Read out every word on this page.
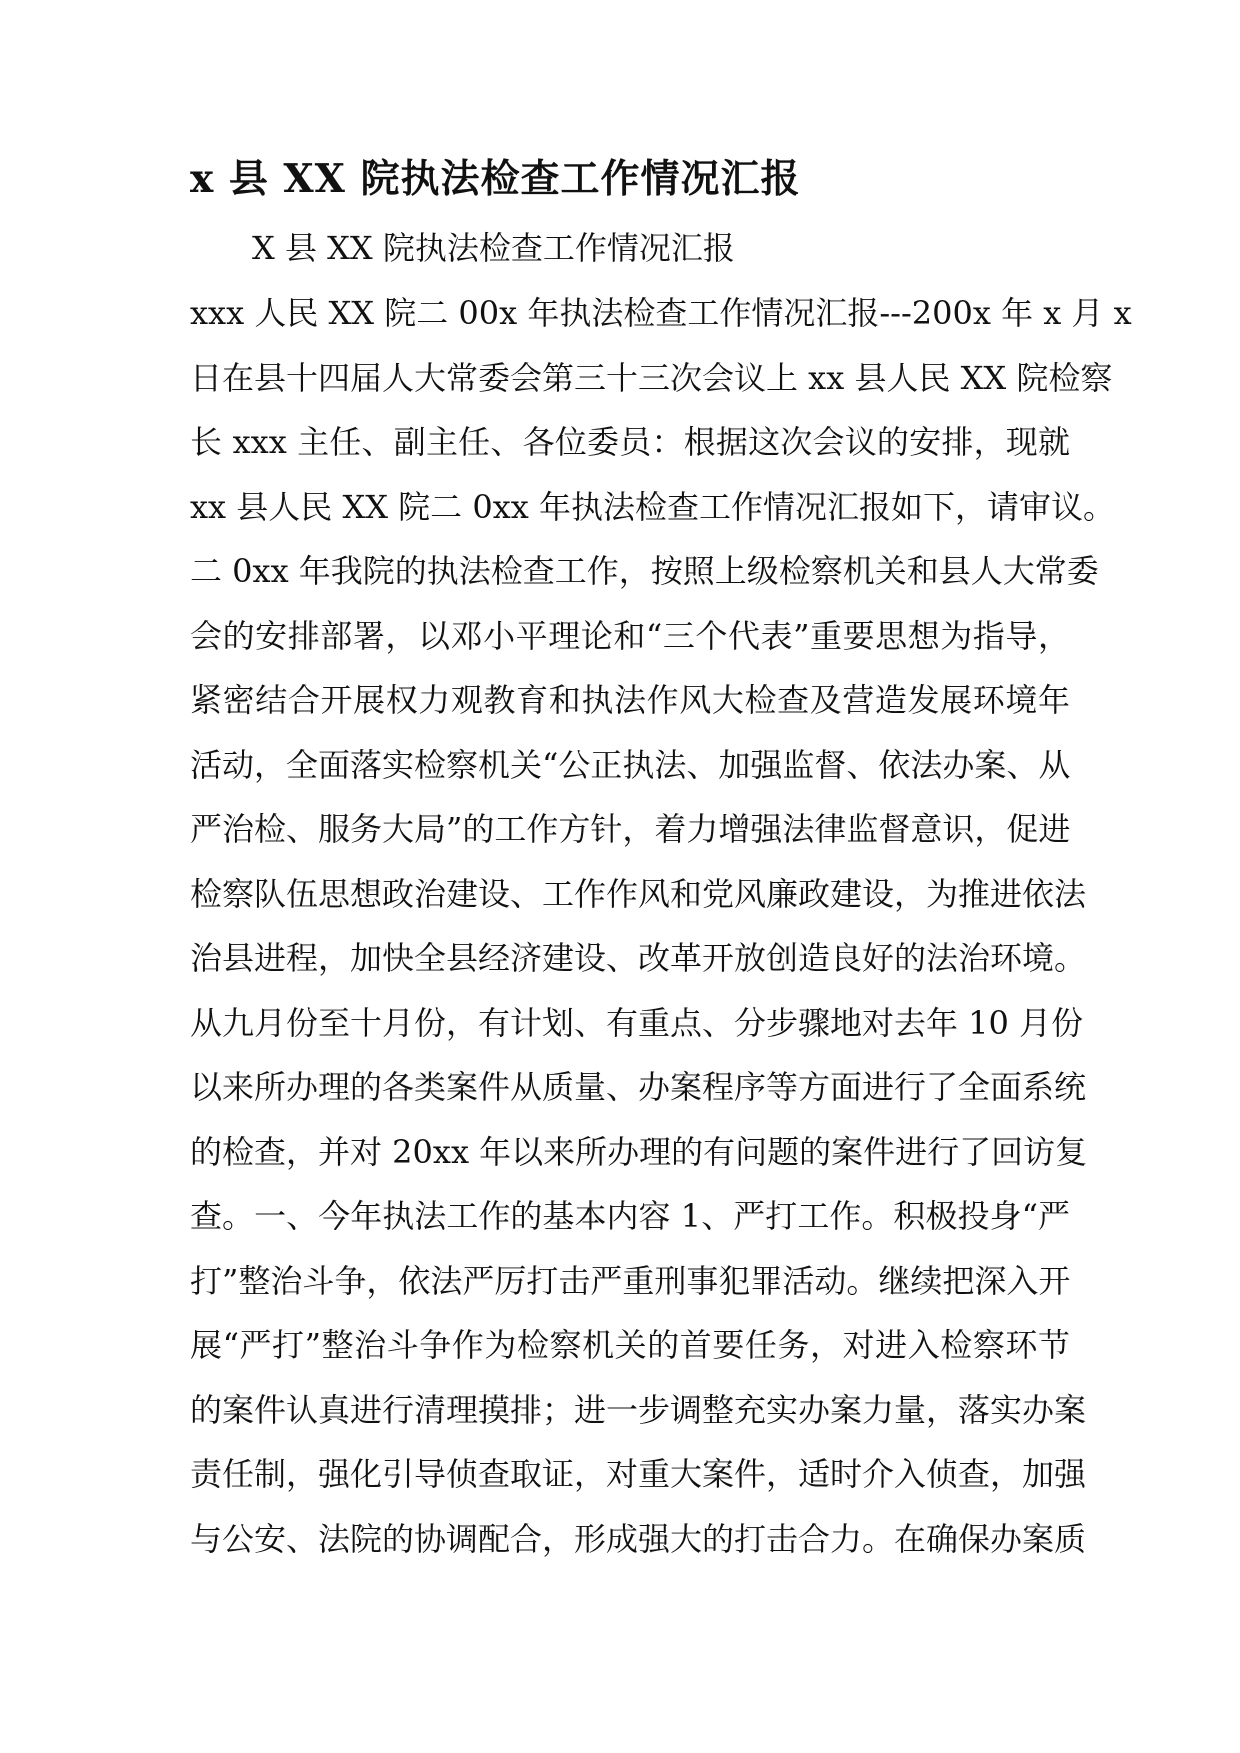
x 县 XX 院执法检查工作情况汇报
X 县 XX 院执法检查工作情况汇报
xxx 人民 XX 院二 00x 年执法检查工作情况汇报---200x 年 x 月 x
日在县十四届人大常委会第三十三次会议上 xx 县人民 XX 院检察
长 xxx 主任、副主任、各位委员：根据这次会议的安排，现就
xx 县人民 XX 院二 0xx 年执法检查工作情况汇报如下，请审议。
二 0xx 年我院的执法检查工作，按照上级检察机关和县人大常委
会的安排部署，以邓小平理论和“三个代表”重要思想为指导，
紧密结合开展权力观教育和执法作风大检查及营造发展环境年
活动，全面落实检察机关“公正执法、加强监督、依法办案、从
严治检、服务大局”的工作方针，着力增强法律监督意识，促进
检察队伍思想政治建设、工作作风和党风廉政建设，为推进依法
治县进程，加快全县经济建设、改革开放创造良好的法治环境。
从九月份至十月份，有计划、有重点、分步骤地对去年 10 月份
以来所办理的各类案件从质量、办案程序等方面进行了全面系统
的检查，并对 20xx 年以来所办理的有问题的案件进行了回访复
查。一、今年执法工作的基本内容 1、严打工作。积极投身“严
打”整治斗争，依法严厉打击严重刑事犯罪活动。继续把深入开
展“严打”整治斗争作为检察机关的首要任务，对进入检察环节
的案件认真进行清理摸排；进一步调整充实办案力量，落实办案
责任制，强化引导侦查取证，对重大案件，适时介入侦查，加强
与公安、法院的协调配合，形成强大的打击合力。在确保办案质
